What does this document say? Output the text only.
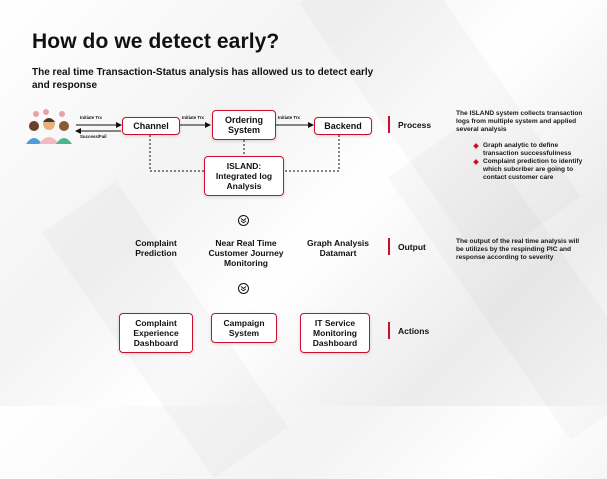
How do we detect early?
The real time Transaction-Status analysis has allowed us to detect early and response
Initiate Trx
Success/Fail
Initiate Trx	Initiate Trx
Channel
Ordering System	Backend
ISLAND: Integrated log Analysis
Complaint Prediction
Near Real Time Customer Journey Monitoring
Graph Analysis Datamart
Complaint Experience Dashboard
Campaign System
IT Service Monitoring Dashboard
Process
Output
Actions
The ISLAND system collects transaction logs from multiple system and applied several analysis
Graph analytic to define transaction successfuliness
Complaint prediction to identify which subcriber are going to contact customer care
The output of the real time analysis will be utilizes by the respinding PIC and response according to severity
